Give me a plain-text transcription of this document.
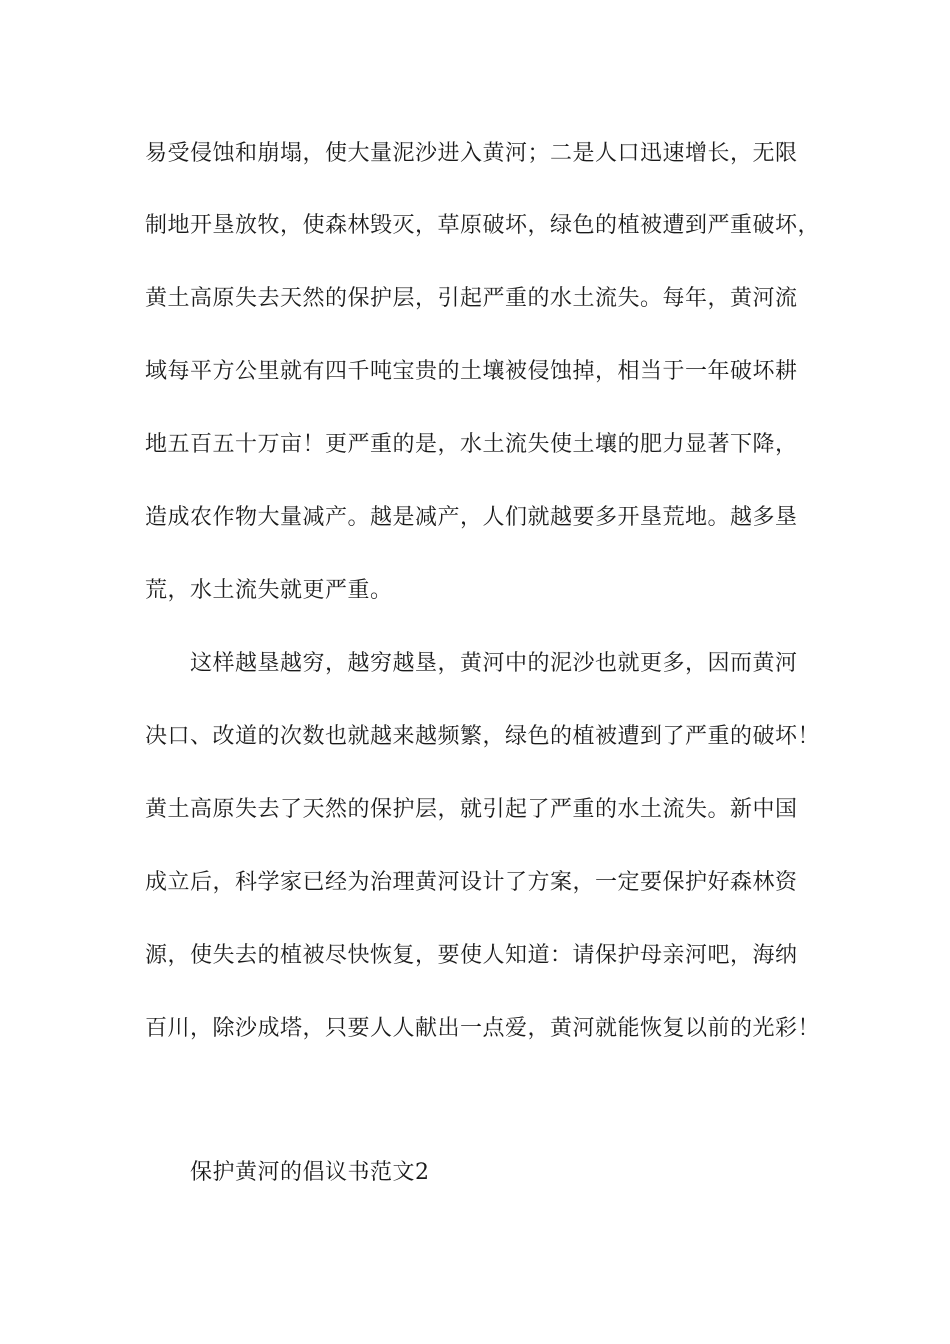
易受侵蚀和崩塌，使大量泥沙进入黄河；二是人口迅速增长，无限
制地开垦放牧，使森林毁灭，草原破坏，绿色的植被遭到严重破坏，
黄土高原失去天然的保护层，引起严重的水土流失。每年，黄河流
域每平方公里就有四千吨宝贵的土壤被侵蚀掉，相当于一年破坏耕
地五百五十万亩！更严重的是，水土流失使土壤的肥力显著下降，
造成农作物大量减产。越是减产，人们就越要多开垦荒地。越多垦
荒，水土流失就更严重。
这样越垦越穷，越穷越垦，黄河中的泥沙也就更多，因而黄河
决口、改道的次数也就越来越频繁，绿色的植被遭到了严重的破坏！
黄土高原失去了天然的保护层，就引起了严重的水土流失。新中国
成立后，科学家已经为治理黄河设计了方案，一定要保护好森林资
源，使失去的植被尽快恢复，要使人知道：请保护母亲河吧，海纳
百川，除沙成塔，只要人人献出一点爱，黄河就能恢复以前的光彩！
保护黄河的倡议书范文2
